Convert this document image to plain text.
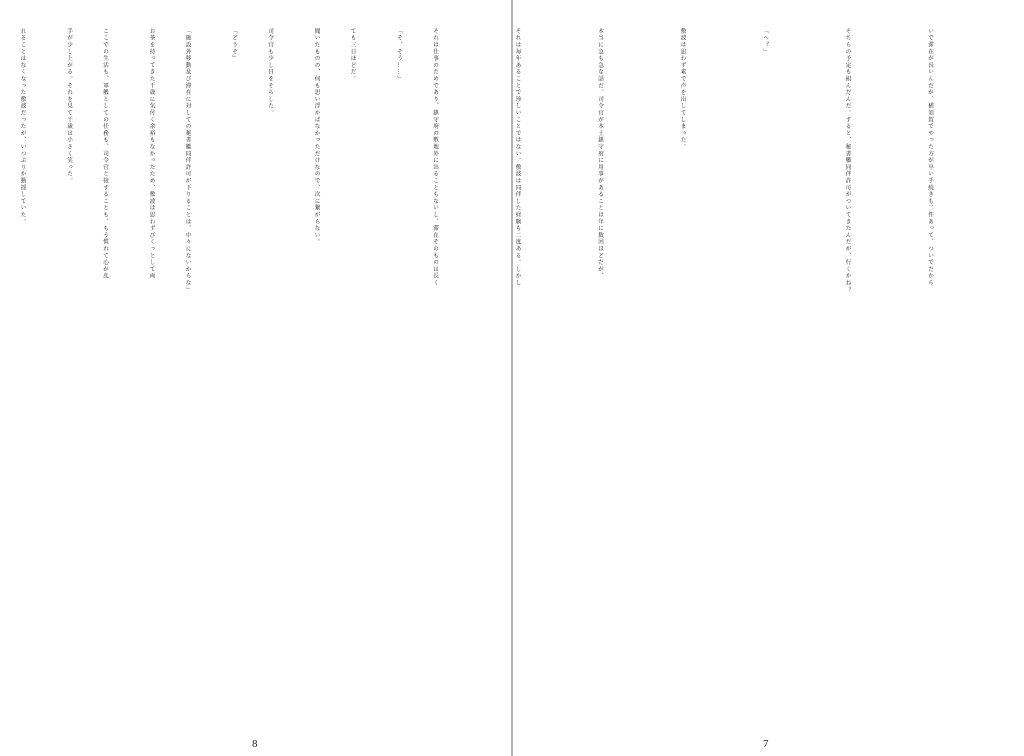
「そ、そう……」

聞いたものの、何も思い浮かばなかっただけなので、次に繋がらない。

「どうぞ」

お茶を持ってきた千歳に気付く余裕もなかったため、敷波は思わずびくっとして両

手が少し上がる。それを見て千歳は小さく笑った。

8

いで滞在が長いんだが、横須賀でやった方が早い手続きも二件あって、ついでだから

そちらの予定も組んだんだ。すると、秘書艦同伴許可がついてきたんだが、行くかね？

「へ？」

敷波は思わず素で声を出してしまった。

本当に急も急な話だ。司令官が本土鎮守府に用事があることは年に数回ほどだが、

それは毎年あることで珍しいことではない。敷波は同伴した経験も二度ある。しかし

それは仕事のためであり、鎮守府の敷地外に出ることもないし、滞在そのものは長く

ても三日ほどだ。

司令官も少し目をそらした。

「施設外移動及び滞在に対しての秘書艦同伴許可が下りることは、中々にないからな」

ここでの生活も、軍艦としての任務も、司令官と接することも、もう慣れて心が乱

れることはなくなった敷波だったが、いつぶりか動揺していた。

7
